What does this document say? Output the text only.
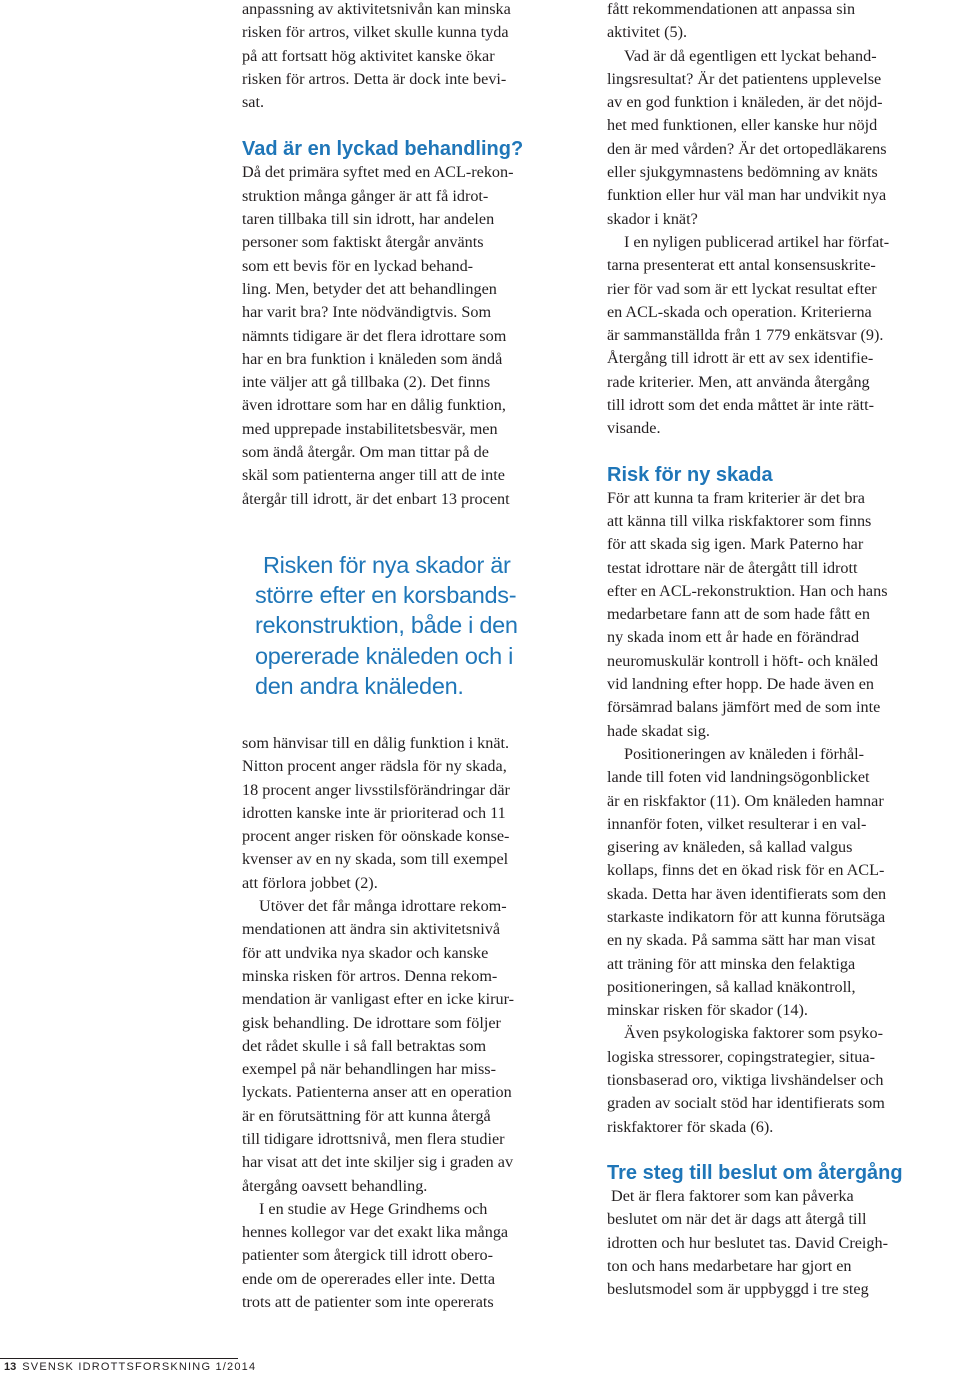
anpassning av aktivitetsnivån kan minska
risken för artros, vilket skulle kunna tyda
på att fortsatt hög aktivitet kanske ökar
risken för artros. Detta är dock inte bevi-
sat.
Vad är en lyckad behandling?
Då det primära syftet med en ACL-rekon-
struktion många gånger är att få idrot-
taren tillbaka till sin idrott, har andelen
personer som faktiskt återgår använts
som ett bevis för en lyckad behand-
ling. Men, betyder det att behandlingen
har varit bra? Inte nödvändigtvis. Som
nämnts tidigare är det flera idrottare som
har en bra funktion i knäleden som ändå
inte väljer att gå tillbaka (2). Det finns
även idrottare som har en dålig funktion,
med upprepade instabilitetsbesvär, men
som ändå återgår. Om man tittar på de
skäl som patienterna anger till att de inte
återgår till idrott, är det enbart 13 procent
som hänvisar till en dålig funktion i knät.
Nitton procent anger rädsla för ny skada,
18 procent anger livsstilsförändringar där
idrotten kanske inte är prioriterad och 11
procent anger risken för oönskade konse-
kvenser av en ny skada, som till exempel
att förlora jobbet (2).
Utöver det får många idrottare rekom-
mendationen att ändra sin aktivitetsnivå
för att undvika nya skador och kanske
minska risken för artros. Denna rekom-
mendation är vanligast efter en icke kirur-
gisk behandling. De idrottare som följer
det rådet skulle i så fall betraktas som
exempel på när behandlingen har miss-
lyckats. Patienterna anser att en operation
är en förutsättning för att kunna återgå
till tidigare idrottsnivå, men flera studier
har visat att det inte skiljer sig i graden av
återgång oavsett behandling.
I en studie av Hege Grindhems och
hennes kollegor var det exakt lika många
patienter som återgick till idrott obero-
ende om de opererades eller inte. Detta
trots att de patienter som inte opererats
Risken för nya skador är
större efter en korsbands-
rekonstruktion, både i den
opererade knäleden och i
den andra knäleden.
fått rekommendationen att anpassa sin
aktivitet (5).
Vad är då egentligen ett lyckat behand-
lingsresultat? Är det patientens upplevelse
av en god funktion i knäleden, är det nöjd-
het med funktionen, eller kanske hur nöjd
den är med vården? Är det ortopedläkarens
eller sjukgymnastens bedömning av knäts
funktion eller hur väl man har undvikit nya
skador i knät?
I en nyligen publicerad artikel har förfat-
tarna presenterat ett antal konsensuskrite-
rier för vad som är ett lyckat resultat efter
en ACL-skada och operation. Kriterierna
är sammanställda från 1 779 enkätsvar (9).
Återgång till idrott är ett av sex identifie-
rade kriterier. Men, att använda återgång
till idrott som det enda måttet är inte rätt-
visande.
Risk för ny skada
För att kunna ta fram kriterier är det bra
att känna till vilka riskfaktorer som finns
för att skada sig igen. Mark Paterno har
testat idrottare när de återgått till idrott
efter en ACL-rekonstruktion. Han och hans
medarbetare fann att de som hade fått en
ny skada inom ett år hade en förändrad
neuromuskulär kontroll i höft- och knäled
vid landning efter hopp. De hade även en
försämrad balans jämfört med de som inte
hade skadat sig.
Positioneringen av knäleden i förhål-
lande till foten vid landningsögonblicket
är en riskfaktor (11). Om knäleden hamnar
innanför foten, vilket resulterar i en val-
gisering av knäleden, så kallad valgus
kollaps, finns det en ökad risk för en ACL-
skada. Detta har även identifierats som den
starkaste indikatorn för att kunna förutsäga
en ny skada. På samma sätt har man visat
att träning för att minska den felaktiga
positioneringen, så kallad knäkontroll,
minskar risken för skador (14).
Även psykologiska faktorer som psyko-
logiska stressorer, copingstrategier, situa-
tionsbaserad oro, viktiga livshändelser och
graden av socialt stöd har identifierats som
riskfaktorer för skada (6).
Tre steg till beslut om återgång
Det är flera faktorer som kan påverka
beslutet om när det är dags att återgå till
idrotten och hur beslutet tas. David Creigh-
ton och hans medarbetare har gjort en
beslutsmodel som är uppbyggd i tre steg
13 SVENSK IDROTTSFORSKNING 1/2014
